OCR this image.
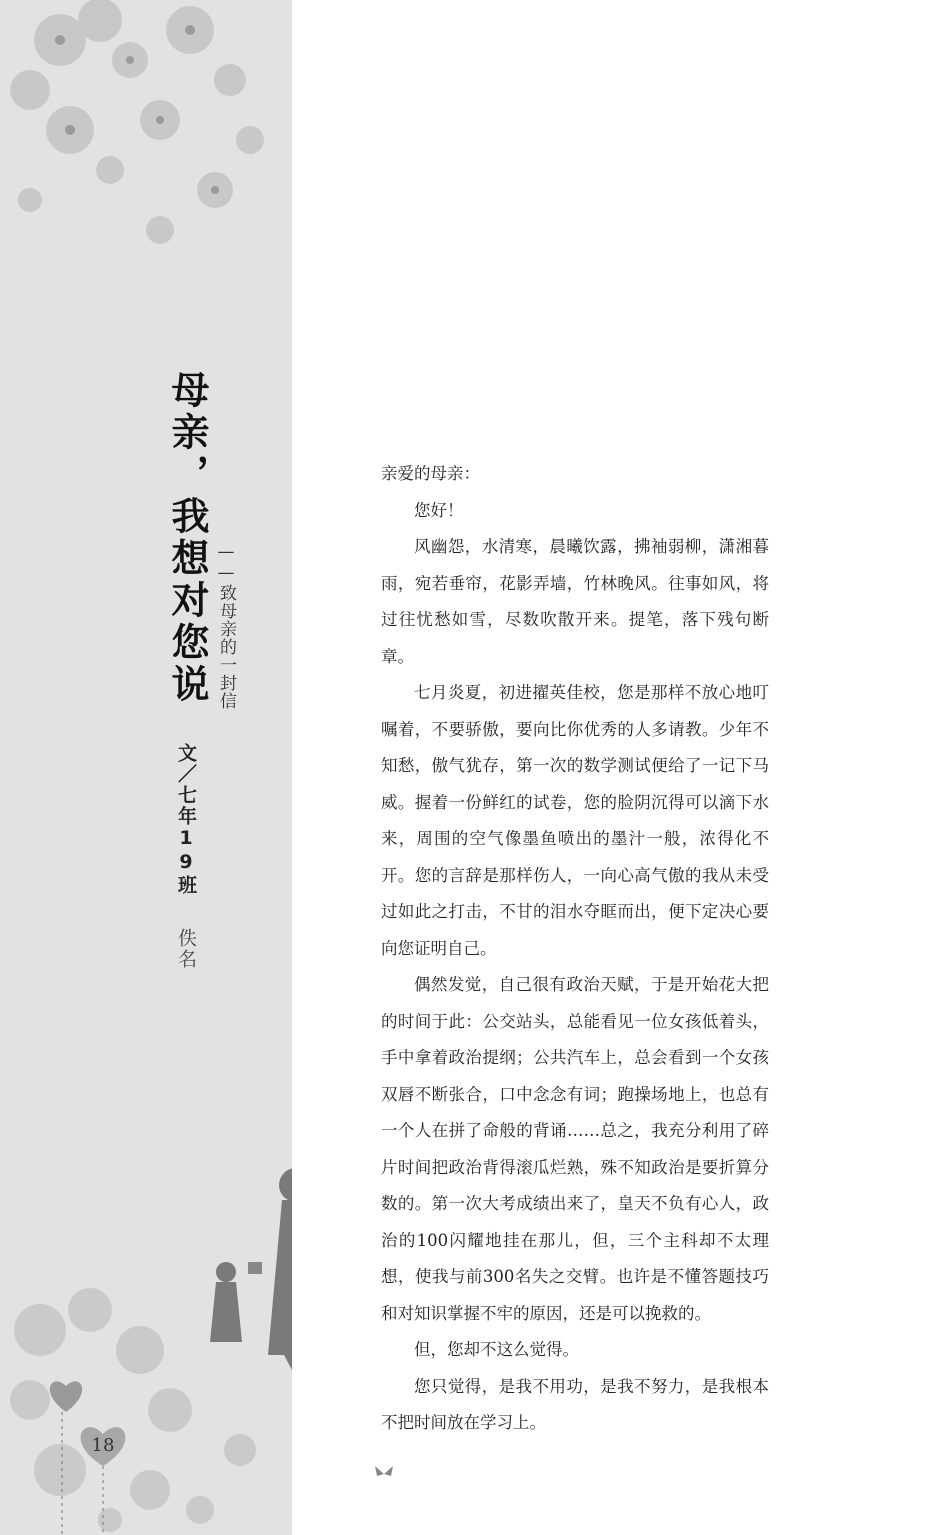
母亲，我想对您说 ——致母亲的一封信
文／七年19班 佚名
18

亲爱的母亲：

您好！

风幽怨，水清寒，晨曦饮露，拂袖弱柳，潇湘暮雨，宛若垂帘，花影弄墙，竹林晚风。往事如风，将过往忧愁如雪，尽数吹散开来。提笔，落下残句断章。

七月炎夏，初进擢英佳校，您是那样不放心地叮嘱着，不要骄傲，要向比你优秀的人多请教。少年不知愁，傲气犹存，第一次的数学测试便给了一记下马威。握着一份鲜红的试卷，您的脸阴沉得可以滴下水来，周围的空气像墨鱼喷出的墨汁一般，浓得化不开。您的言辞是那样伤人，一向心高气傲的我从未受过如此之打击，不甘的泪水夺眶而出，便下定决心要向您证明自己。

偶然发觉，自己很有政治天赋，于是开始花大把的时间于此：公交站头，总能看见一位女孩低着头，手中拿着政治提纲；公共汽车上，总会看到一个女孩双唇不断张合，口中念念有词；跑操场地上，也总有一个人在拼了命般的背诵……总之，我充分利用了碎片时间把政治背得滚瓜烂熟，殊不知政治是要折算分数的。第一次大考成绩出来了，皇天不负有心人，政治的100闪耀地挂在那儿，但，三个主科却不太理想，使我与前300名失之交臂。也许是不懂答题技巧和对知识掌握不牢的原因，还是可以挽救的。

但，您却不这么觉得。

您只觉得，是我不用功，是我不努力，是我根本不把时间放在学习上。
